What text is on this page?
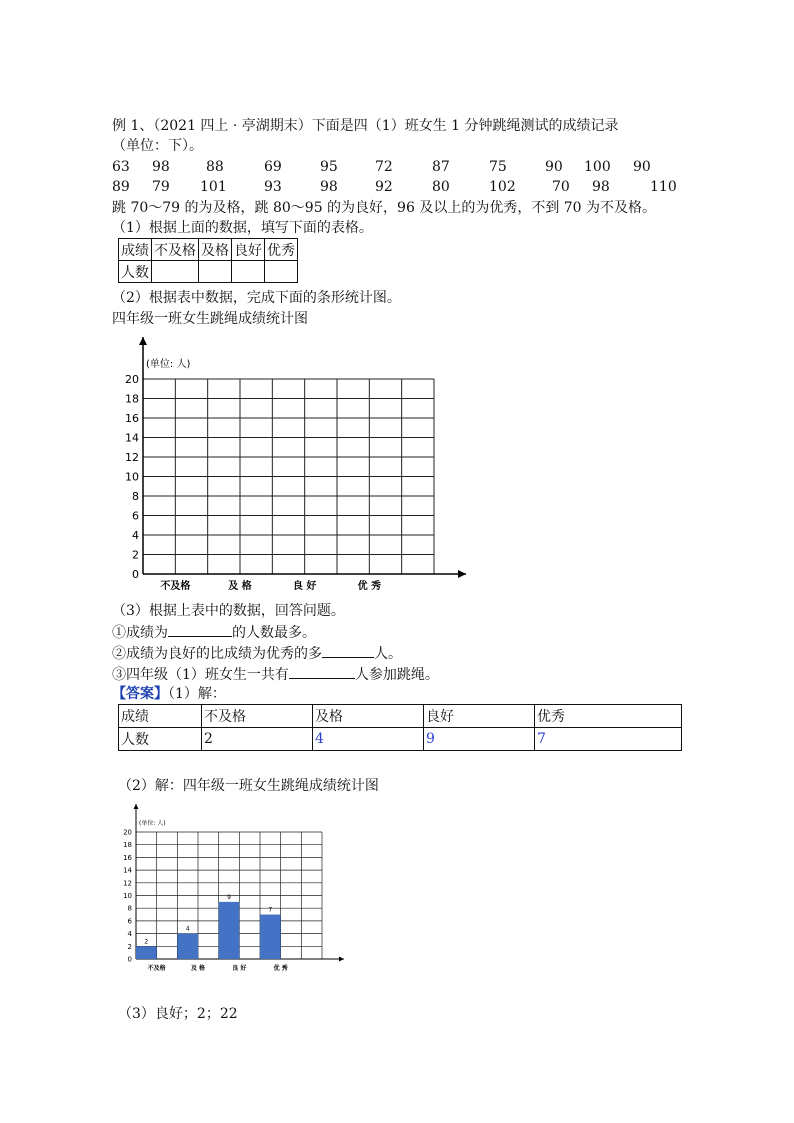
例 1、（2021 四上 · 亭湖期末）下面是四（1）班女生 1 分钟跳绳测试的成绩记录
（单位：下）。
63 98	88	69	95	72	87	75	90 100 90
89 79 101	93	98	92	80	102	70 98	110
跳 70～79 的为及格，跳 80～95 的为良好，96 及以上的为优秀，不到 70 为不及格。
（1）根据上面的数据，填写下面的表格。
成绩	不及格	及格	良好	优秀
人数				
（2）根据表中数据，完成下面的条形统计图。
四年级一班女生跳绳成绩统计图
(单位: 人)
0
2
4
6
8
10
12
14
16
18
20
不及格	及 格	良 好	优 秀
（3）根据上表中的数据，回答问题。
①成绩为	的人数最多。
②成绩为良好的比成绩为优秀的多	人。
③四年级（1）班女生一共有	人参加跳绳。
【答案】（1）解：
成绩	不及格	及格	良好	优秀
人数	2	4	9	7
（2）解：四年级一班女生跳绳成绩统计图
(单位: 人)
0
2
4
6
8
10
12
14
16
18
20
不及格
2
及 格
4
良 好
9
优 秀
7
（3）良好；2；22
